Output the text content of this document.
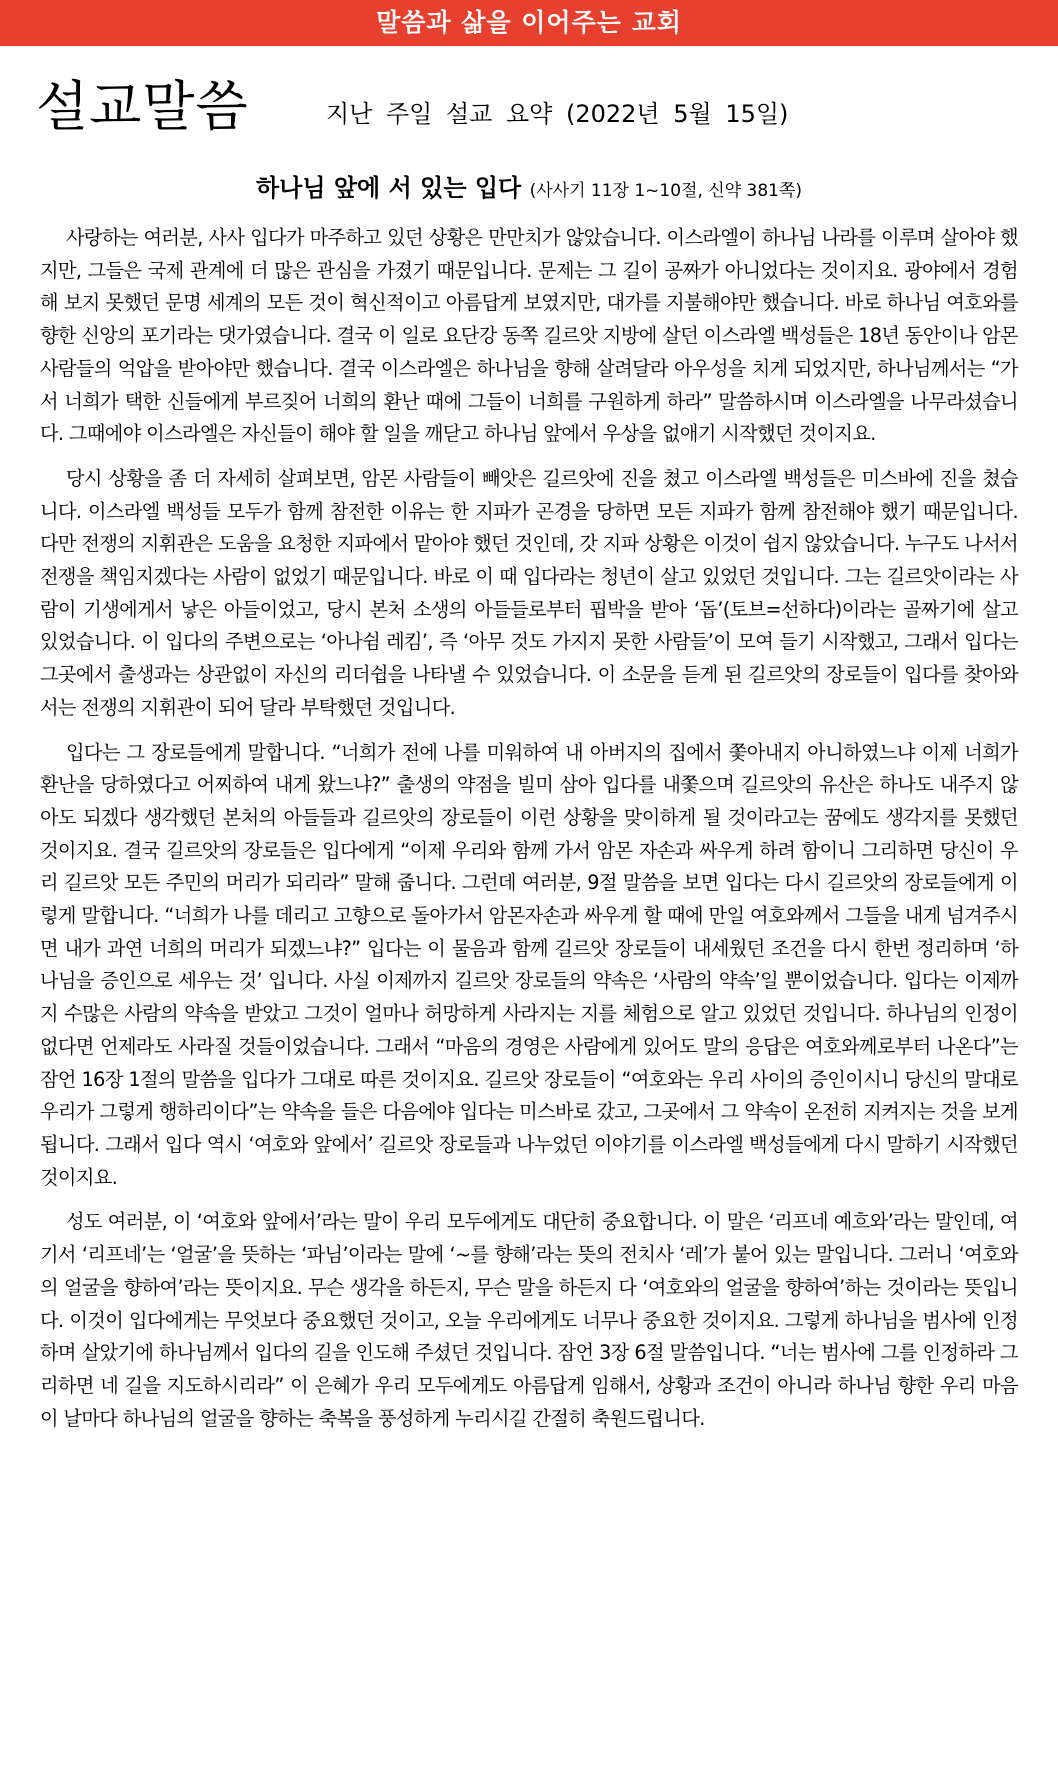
말씀과 삶을 이어주는 교회
설교말씀	지난 주일 설교 요약 (2022년 5월 15일)
하나님 앞에 서 있는 입다 (사사기 11장 1~10절, 신약 381쪽)

사랑하는 여러분, 사사 입다가 마주하고 있던 상황은 만만치가 않았습니다. 이스라엘이 하나님 나라를 이루며 살아야 했지만, 그들은 국제 관계에 더 많은 관심을 가졌기 때문입니다. 문제는 그 길이 공짜가 아니었다는 것이지요. 광야에서 경험해 보지 못했던 문명 세계의 모든 것이 혁신적이고 아름답게 보였지만, 대가를 지불해야만 했습니다. 바로 하나님 여호와를 향한 신앙의 포기라는 댓가였습니다. 결국 이 일로 요단강 동쪽 길르앗 지방에 살던 이스라엘 백성들은 18년 동안이나 암몬 사람들의 억압을 받아야만 했습니다. 결국 이스라엘은 하나님을 향해 살려달라 아우성을 치게 되었지만, 하나님께서는 “가서 너희가 택한 신들에게 부르짖어 너희의 환난 때에 그들이 너희를 구원하게 하라” 말씀하시며 이스라엘을 나무라셨습니다. 그때에야 이스라엘은 자신들이 해야 할 일을 깨닫고 하나님 앞에서 우상을 없애기 시작했던 것이지요.

당시 상황을 좀 더 자세히 살펴보면, 암몬 사람들이 빼앗은 길르앗에 진을 쳤고 이스라엘 백성들은 미스바에 진을 쳤습니다. 이스라엘 백성들 모두가 함께 참전한 이유는 한 지파가 곤경을 당하면 모든 지파가 함께 참전해야 했기 때문입니다. 다만 전쟁의 지휘관은 도움을 요청한 지파에서 맡아야 했던 것인데, 갓 지파 상황은 이것이 쉽지 않았습니다. 누구도 나서서 전쟁을 책임지겠다는 사람이 없었기 때문입니다. 바로 이 때 입다라는 청년이 살고 있었던 것입니다. 그는 길르앗이라는 사람이 기생에게서 낳은 아들이었고, 당시 본처 소생의 아들들로부터 핍박을 받아 ‘돕’(토브=선하다)이라는 골짜기에 살고 있었습니다. 이 입다의 주변으로는 ‘아나쉼 레킴’, 즉 ‘아무 것도 가지지 못한 사람들’이 모여 들기 시작했고, 그래서 입다는 그곳에서 출생과는 상관없이 자신의 리더쉽을 나타낼 수 있었습니다. 이 소문을 듣게 된 길르앗의 장로들이 입다를 찾아와서는 전쟁의 지휘관이 되어 달라 부탁했던 것입니다.

입다는 그 장로들에게 말합니다. “너희가 전에 나를 미워하여 내 아버지의 집에서 쫓아내지 아니하였느냐 이제 너희가 환난을 당하였다고 어찌하여 내게 왔느냐?” 출생의 약점을 빌미 삼아 입다를 내쫓으며 길르앗의 유산은 하나도 내주지 않아도 되겠다 생각했던 본처의 아들들과 길르앗의 장로들이 이런 상황을 맞이하게 될 것이라고는 꿈에도 생각지를 못했던 것이지요. 결국 길르앗의 장로들은 입다에게 “이제 우리와 함께 가서 암몬 자손과 싸우게 하려 함이니 그리하면 당신이 우리 길르앗 모든 주민의 머리가 되리라” 말해 줍니다. 그런데 여러분, 9절 말씀을 보면 입다는 다시 길르앗의 장로들에게 이렇게 말합니다. “너희가 나를 데리고 고향으로 돌아가서 암몬자손과 싸우게 할 때에 만일 여호와께서 그들을 내게 넘겨주시면 내가 과연 너희의 머리가 되겠느냐?” 입다는 이 물음과 함께 길르앗 장로들이 내세웠던 조건을 다시 한번 정리하며 ‘하나님을 증인으로 세우는 것’ 입니다. 사실 이제까지 길르앗 장로들의 약속은 ‘사람의 약속’일 뿐이었습니다. 입다는 이제까지 수많은 사람의 약속을 받았고 그것이 얼마나 허망하게 사라지는 지를 체험으로 알고 있었던 것입니다. 하나님의 인정이 없다면 언제라도 사라질 것들이었습니다. 그래서 “마음의 경영은 사람에게 있어도 말의 응답은 여호와께로부터 나온다”는 잠언 16장 1절의 말씀을 입다가 그대로 따른 것이지요. 길르앗 장로들이 “여호와는 우리 사이의 증인이시니 당신의 말대로 우리가 그렇게 행하리이다”는 약속을 들은 다음에야 입다는 미스바로 갔고, 그곳에서 그 약속이 온전히 지켜지는 것을 보게 됩니다. 그래서 입다 역시 ‘여호와 앞에서’ 길르앗 장로들과 나누었던 이야기를 이스라엘 백성들에게 다시 말하기 시작했던 것이지요.

성도 여러분, 이 ‘여호와 앞에서’라는 말이 우리 모두에게도 대단히 중요합니다. 이 말은 ‘리프네 예흐와’라는 말인데, 여기서 ‘리프네’는 ‘얼굴’을 뜻하는 ‘파님’이라는 말에 ‘~를 향해’라는 뜻의 전치사 ‘레’가 붙어 있는 말입니다. 그러니 ‘여호와의 얼굴을 향하여’라는 뜻이지요. 무슨 생각을 하든지, 무슨 말을 하든지 다 ‘여호와의 얼굴을 향하여’하는 것이라는 뜻입니다. 이것이 입다에게는 무엇보다 중요했던 것이고, 오늘 우리에게도 너무나 중요한 것이지요. 그렇게 하나님을 범사에 인정하며 살았기에 하나님께서 입다의 길을 인도해 주셨던 것입니다. 잠언 3장 6절 말씀입니다. “너는 범사에 그를 인정하라 그리하면 네 길을 지도하시리라” 이 은혜가 우리 모두에게도 아름답게 임해서, 상황과 조건이 아니라 하나님 향한 우리 마음이 날마다 하나님의 얼굴을 향하는 축복을 풍성하게 누리시길 간절히 축원드립니다.
